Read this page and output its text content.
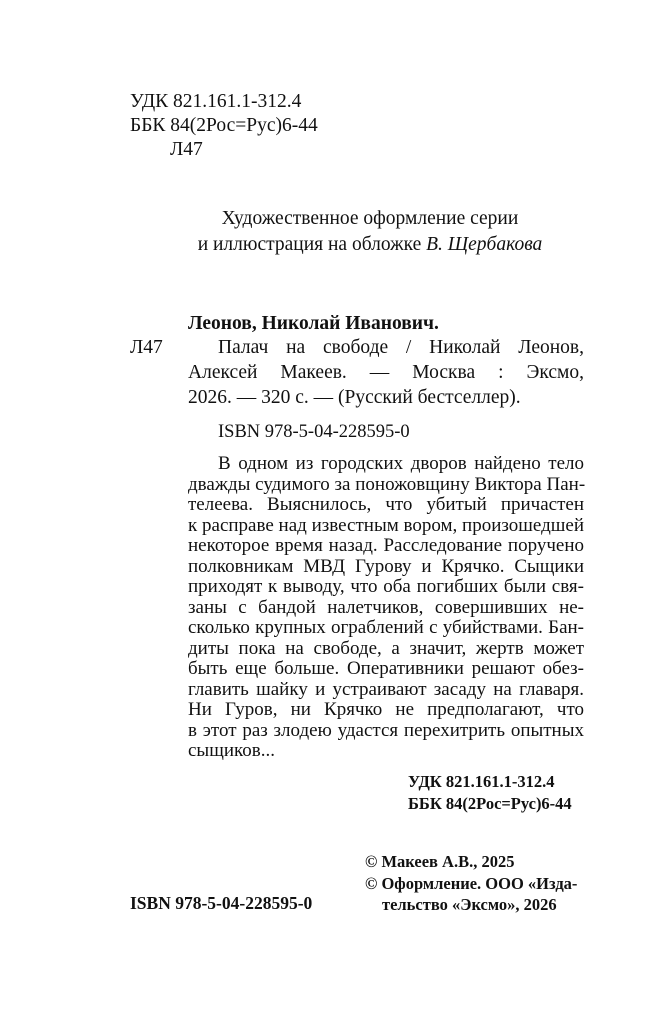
УДК 821.161.1-312.4
ББК 84(2Рос=Рус)6-44
Л47
Художественное оформление серии
и иллюстрация на обложке В. Щербакова
Леонов, Николай Иванович.
Л47	Палач на свободе / Николай Леонов,
Алексей Макеев. — Москва : Эксмо,
2026. — 320 с. — (Русский бестселлер).
ISBN 978-5-04-228595-0
В одном из городских дворов найдено тело
дважды судимого за поножовщину Виктора Пан-
телеева. Выяснилось, что убитый причастен
к расправе над известным вором, произошедшей
некоторое время назад. Расследование поручено
полковникам МВД Гурову и Крячко. Сыщики
приходят к выводу, что оба погибших были свя-
заны с бандой налетчиков, совершивших не-
сколько крупных ограблений с убийствами. Бан-
диты пока на свободе, а значит, жертв может
быть еще больше. Оперативники решают обез-
главить шайку и устраивают засаду на главаря.
Ни Гуров, ни Крячко не предполагают, что
в этот раз злодею удастся перехитрить опытных
сыщиков...
УДК 821.161.1-312.4
ББК 84(2Рос=Рус)6-44
© Макеев А.В., 2025
© Оформление. ООО «Изда-
тельство «Эксмо», 2026
ISBN 978-5-04-228595-0
